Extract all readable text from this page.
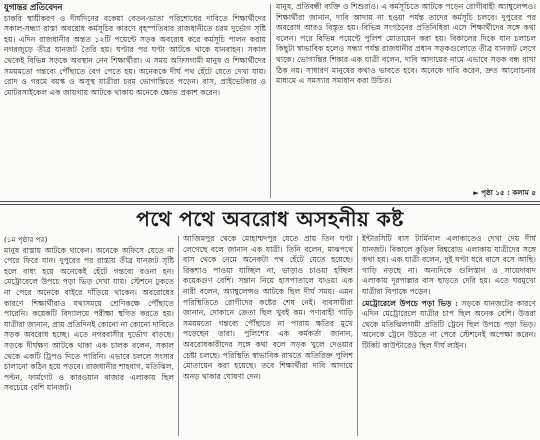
যুগান্তর প্রতিবেদন

চাকরি স্থায়ীকরণ ও দীর্ঘদিনের বকেয়া বেতন-ভাতা পরিশোধের দাবিতে শিক্ষার্থীদের সকাল-সন্ধ্যা রাস্তা অবরোধ কর্মসূচির কারণে বৃহস্পতিবার রাজধানীতে চরম দুর্ভোগ সৃষ্টি হয়। এদিন রাজধানীর অন্তত ১২টি পয়েন্টে সড়ক অবরোধ করে কর্মসূচি পালন করায় নগরজুড়ে তীব্র যানজট তৈরি হয়। ঘণ্টার পর ঘণ্টা আটকে থাকে যানবাহন। সকাল থেকেই বিভিন্ন সড়কে অবস্থান নেন শিক্ষার্থীরা। এ সময় অফিসগামী মানুষ ও শিক্ষার্থীদের সময়মতো গন্তব্যে পৌঁছাতে বেগ পেতে হয়। অনেককে দীর্ঘ পথ হেঁটে যেতে দেখা যায়। রোদ ও গরমে বয়স্ক ও অসুস্থ যাত্রীরা চরম ভোগান্তিতে পড়েন। বাস, প্রাইভেটকার ও মোটরসাইকেল এক জায়গায় আটকে থাকায় অনেকে ক্ষোভ প্রকাশ করেন।

মানুষ, প্রতিবন্ধী ব্যক্তি ও শিশুরাও। এ কর্মসূচিতে আটকে পড়েন রোগীবাহী অ্যাম্বুলেন্সও। শিক্ষার্থীরা জানান, দাবি আদায় না হওয়া পর্যন্ত তাদের কর্মসূচি চলবে। দুপুরের পর অবরোধ আরও বিস্তৃত হয়। বিভিন্ন সংগঠনের প্রতিনিধিরা এসে শিক্ষার্থীদের সঙ্গে কথা বলেন। পরে বিভিন্ন পয়েন্টে পুলিশ মোতায়েন করা হয়। বিকালের দিকে যান চলাচল কিছুটা স্বাভাবিক হলেও সন্ধ্যা পর্যন্ত রাজধানীর প্রধান সড়কগুলোতে তীব্র যানজট লেগে থাকে। ভোগান্তির শিকার এক যাত্রী বলেন, দাবি আদায়ের নামে এভাবে সড়ক বন্ধ রাখা ঠিক নয়। সাধারণ মানুষের কথাও ভাবতে হবে। অনেকে দাবি করেন, দ্রুত আলোচনার মাধ্যমে এ সমস্যার সমাধান করা উচিত।

► পৃষ্ঠা ১৫ : কলাম ৫
পথে পথে অবরোধ অসহনীয় কষ্ট
(১ম পৃষ্ঠার পর)

মানুষ রাস্তায় আটকে থাকেন। অনেকে অফিসে যেতে না পেরে ফিরে যান। দুপুরের পর রাস্তায় তীব্র যানজট সৃষ্টি হলে বাধ্য হয়ে অনেকেই হেঁটে গন্তব্যে রওনা হন। মেট্রোরেলে উপচে পড়া ভিড় দেখা যায়। স্টেশনে ঢুকতে না পেরে অনেকে বাইরে দাঁড়িয়ে থাকেন। অবরোধের কারণে শিক্ষার্থীরাও যথাসময়ে শ্রেণিকক্ষে পৌঁছাতে পারেনি। কয়েকটি বিদ্যালয়ে পরীক্ষা স্থগিত করতে হয়। যাত্রীরা জানান, প্রায় প্রতিদিনই কোনো না কোনো দাবিতে সড়ক অবরোধ হচ্ছে। এতে নগরবাসীর দুর্ভোগ বাড়ছে। সড়কে দীর্ঘক্ষণ আটকে থাকা এক চালক বলেন, সকাল থেকে একটি ট্রিপও দিতে পারিনি। এভাবে চললে সংসার চালানো কঠিন হয়ে পড়বে। রাজধানীর শাহবাগ, মতিঝিল, পল্টন, ফার্মগেট ও কারওয়ান বাজার এলাকায় ছিল সবচেয়ে বেশি যানজট।

আজিমপুর থেকে মোহাম্মদপুর যেতে প্রায় তিন ঘণ্টা লেগেছে বলে জানান এক যাত্রী। তিনি বলেন, মাঝপথে বাস থেকে নেমে অনেকটা পথ হেঁটে যেতে হয়েছে। রিকশাও পাওয়া যাচ্ছিল না, ভাড়াও চাওয়া হচ্ছিল কয়েকগুণ বেশি। সন্তান নিয়ে হাসপাতালে যাওয়া এক নারী বলেন, অ্যাম্বুলেন্সও আটকে ছিল দীর্ঘ সময়। এমন পরিস্থিতিতে রোগীদের কষ্টের শেষ নেই। ব্যবসায়ীরা জানান, দোকানে ক্রেতা ছিল খুবই কম। পণ্যবাহী গাড়ি সময়মতো গন্তব্যে পৌঁছাতে না পারায় ক্ষতির মুখে পড়েছেন তারা। পুলিশের এক কর্মকর্তা জানান, অবরোধকারীদের সঙ্গে কথা বলে সড়ক খুলে দেওয়ার চেষ্টা চলছে। পরিস্থিতি স্বাভাবিক রাখতে অতিরিক্ত পুলিশ মোতায়েন করা হয়েছে। তবে শিক্ষার্থীরা দাবি আদায়ে অনড় থাকার ঘোষণা দেন।

ইন্টারসিটি বাস টার্মিনাল এলাকাতেও দেখা দেয় দীর্ঘ যানজট। বিকালে কুড়িল বিশ্বরোড এলাকায় যাত্রীদের সঙ্গে কথা হয়। এক যাত্রী বলেন, দুই ঘণ্টা ধরে বাসে বসে আছি। গাড়ি নড়ছে না। অন্যদিকে গুলিস্তান ও সায়েদাবাদ এলাকায় দূরপাল্লার বাস ছাড়তে দেরি হয়। এতে ঘরমুখো যাত্রীরা বিপাকে পড়েন।

মেট্রোরেলে উপচে পড়া ভিড় : সড়কে যানজটের কারণে এদিন মেট্রোরেলে যাত্রীর চাপ ছিল অনেক বেশি। উত্তরা থেকে মতিঝিলগামী প্রতিটি ট্রেনে ছিল উপচে পড়া ভিড়। অনেকে ট্রেনে উঠতে না পেরে স্টেশনেই অপেক্ষা করেন। টিকিট কাউন্টারেও ছিল দীর্ঘ লাইন।
